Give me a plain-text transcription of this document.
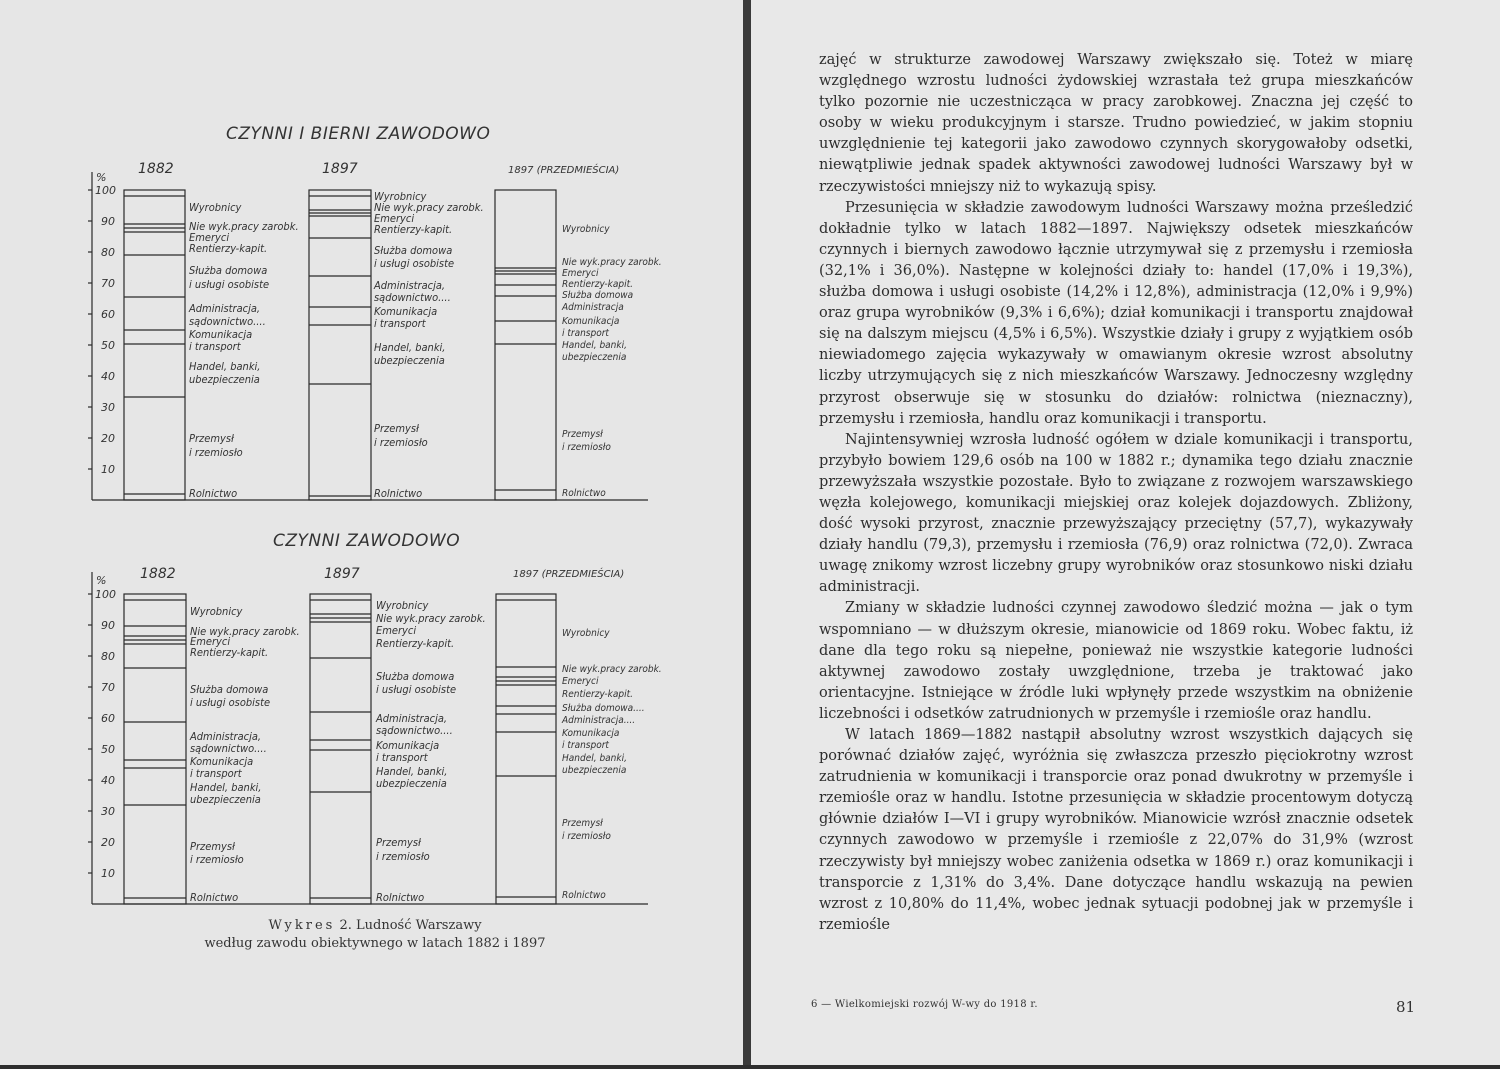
CZYNNI I BIERNI ZAWODOWO
%
100
90
80
70
60
50
40
30
20
10
1882	1897	1897 (PRZEDMIEŚCIA)
Wyrobnicy
Nie wyk.pracy zarobk.
Emeryci
Rentierzy-kapit.
Służba domowa
i usługi osobiste
Administracja,
sądownictwo....
Komunikacja
i transport
Handel, banki,
ubezpieczenia
Przemysł
i rzemiosło
Rolnictwo
Wyrobnicy
Nie wyk.pracy zarobk.
Emeryci
Rentierzy-kapit.
Służba domowa
i usługi osobiste
Administracja,
sądownictwo....
Komunikacja
i transport
Handel, banki,
ubezpieczenia
Przemysł
i rzemiosło
Rolnictwo
Wyrobnicy
Nie wyk.pracy zarobk.
Emeryci
Rentierzy-kapit.
Służba domowa
Administracja
Komunikacja
i transport
Handel, banki,
ubezpieczenia
Przemysł
i rzemiosło
Rolnictwo
CZYNNI ZAWODOWO
%
100
90
80
70
60
50
40
30
20
10
1882	1897	1897 (PRZEDMIEŚCIA)
Wyrobnicy
Nie wyk.pracy zarobk.
Emeryci
Rentierzy-kapit.
Służba domowa
i usługi osobiste
Administracja,
sądownictwo....
Komunikacja
i transport
Handel, banki,
ubezpieczenia
Przemysł
i rzemiosło
Rolnictwo
Wyrobnicy
Nie wyk.pracy zarobk.
Emeryci
Rentierzy-kapit.
Służba domowa
i usługi osobiste
Administracja,
sądownictwo....
Komunikacja
i transport
Handel, banki,
ubezpieczenia
Przemysł
i rzemiosło
Rolnictwo
Wyrobnicy
Nie wyk.pracy zarobk.
Emeryci
Rentierzy-kapit.
Służba domowa....
Administracja....
Komunikacja
i transport
Handel, banki,
ubezpieczenia
Przemysł
i rzemiosło
Rolnictwo
Wykres 2. Ludność Warszawy
według zawodu obiektywnego w latach 1882 i 1897

zajęć w strukturze zawodowej Warszawy zwiększało się. Toteż w miarę względnego wzrostu ludności żydowskiej wzrastała też grupa mieszkańców tylko pozornie nie uczestnicząca w pracy zarobkowej. Znaczna jej część to osoby w wieku produkcyjnym i starsze. Trudno powiedzieć, w jakim stopniu uwzględnienie tej kategorii jako zawodowo czynnych skorygowałoby odsetki, niewątpliwie jednak spadek aktywności zawodowej ludności Warszawy był w rzeczywistości mniejszy niż to wykazują spisy.

Przesunięcia w składzie zawodowym ludności Warszawy można prześledzić dokładnie tylko w latach 1882—1897. Największy odsetek mieszkańców czynnych i biernych zawodowo łącznie utrzymywał się z przemysłu i rzemiosła (32,1% i 36,0%). Następne w kolejności działy to: handel (17,0% i 19,3%), służba domowa i usługi osobiste (14,2% i 12,8%), administracja (12,0% i 9,9%) oraz grupa wyrobników (9,3% i 6,6%); dział komunikacji i transportu znajdował się na dalszym miejscu (4,5% i 6,5%). Wszystkie działy i grupy z wyjątkiem osób niewiadomego zajęcia wykazywały w omawianym okresie wzrost absolutny liczby utrzymujących się z nich mieszkańców Warszawy. Jednoczesny względny przyrost obserwuje się w stosunku do działów: rolnictwa (nieznaczny), przemysłu i rzemiosła, handlu oraz komunikacji i transportu.

Najintensywniej wzrosła ludność ogółem w dziale komunikacji i transportu, przybyło bowiem 129,6 osób na 100 w 1882 r.; dynamika tego działu znacznie przewyższała wszystkie pozostałe. Było to związane z rozwojem warszawskiego węzła kolejowego, komunikacji miejskiej oraz kolejek dojazdowych. Zbliżony, dość wysoki przyrost, znacznie przewyższający przeciętny (57,7), wykazywały działy handlu (79,3), przemysłu i rzemiosła (76,9) oraz rolnictwa (72,0). Zwraca uwagę znikomy wzrost liczebny grupy wyrobników oraz stosunkowo niski działu administracji.

Zmiany w składzie ludności czynnej zawodowo śledzić można — jak o tym wspomniano — w dłuższym okresie, mianowicie od 1869 roku. Wobec faktu, iż dane dla tego roku są niepełne, ponieważ nie wszystkie kategorie ludności aktywnej zawodowo zostały uwzględnione, trzeba je traktować jako orientacyjne. Istniejące w źródle luki wpłynęły przede wszystkim na obniżenie liczebności i odsetków zatrudnionych w przemyśle i rzemiośle oraz handlu.

W latach 1869—1882 nastąpił absolutny wzrost wszystkich dających się porównać działów zajęć, wyróżnia się zwłaszcza przeszło pięciokrotny wzrost zatrudnienia w komunikacji i transporcie oraz ponad dwukrotny w przemyśle i rzemiośle oraz w handlu. Istotne przesunięcia w składzie procentowym dotyczą głównie działów I—VI i grupy wyrobników. Mianowicie wzrósł znacznie odsetek czynnych zawodowo w przemyśle i rzemiośle z 22,07% do 31,9% (wzrost rzeczywisty był mniejszy wobec zaniżenia odsetka w 1869 r.) oraz komunikacji i transporcie z 1,31% do 3,4%. Dane dotyczące handlu wskazują na pewien wzrost z 10,80% do 11,4%, wobec jednak sytuacji podobnej jak w przemyśle i rzemiośle

6 — Wielkomiejski rozwój W-wy do 1918 r.	81
